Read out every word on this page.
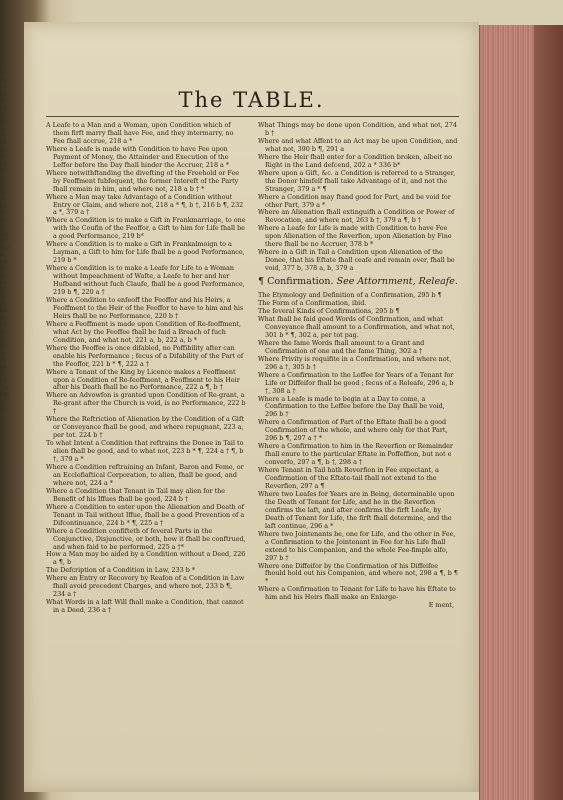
ed
ra-
tc.
by
ce
ith
2
be
tu-
on
ed
In
ant
ds
by
a
rr
fh
ut
Ex
in-
ra
co
ma
fe
of a
ar
tor-
ef-
ha
ea-
ef-
ds
ou
pa-
ge-
ac
or
A
ele
ra
ar-
de
fo
nf
aru
alie
ut
ha
The TABLE.

A Leafe to a Man and a Woman, upon Condition which of them firft marry fhall have Fee, and they intermarry, no Fee fhall accrue, 218 a *

Where a Leafe is made with Condition to have Fee upon Payment of Money, the Attainder and Execution of the Leffor before the Day fhall hinder the Accruer, 218 a *

Where notwithftanding the divefting of the Freehold or Fee by Feoffment fubfequent, the former Intereft of the Party fhall remain in him, and where not, 218 a b † *

Where a Man may take Advantage of a Condition without Entry or Claim, and where not, 218 a * ¶, b †, 216 b ¶, 232 a *, 379 a †

Where a Condition is to make a Gift in Frankmarriage, to one with the Coufin of the Feoffor, a Gift to him for Life fhall be a good Performance, 219 b*

Where a Condition is to make a Gift in Frankalmoign to a Layman, a Gift to him for Life fhall be a good Performance, 219 b *

Where a Condition is to make a Leafe for Life to a Woman without Impeachment of Wafte, a Leafe to her and her Hufband without fuch Claufe, fhall be a good Performance, 219 b ¶, 220 a †

Where a Condition to enfeoff the Feoffor and his Heirs, a Feoffment to the Heir of the Feoffor to have to him and his Heirs fhall be no Performance, 220 b †

Where a Feoffment is made upon Condition of Re-feoffment, what Act by the Feoffee fhall be faid a Breach of fuch Condition, and what not, 221 a, b, 222 a, b *

Where the Feoffee is once difabled, no Poffibility after can enable his Performance ; fecus of a Difability of the Part of the Feoffor, 221 b * ¶, 222 a †

Where a Tenant of the King by Licence makes a Feoffment upon a Condition of Re-feoffment, a Feoffment to his Heir after his Death fhall be no Performance, 222 a ¶, b †

Where an Advowfon is granted upon Condition of Re-grant, a Re-grant after the Church is void, is no Performance, 222 b †

Where the Reftriction of Alienation by the Condition of a Gift or Conveyance fhall be good, and where repugnant, 223 a, per tot. 224 b †

To what Intent a Condition that reftrains the Donee in Tail to alien fhall be good, and to what not, 223 b * ¶, 224 a † ¶, b †, 379 a *

Where a Condition reftraining an Infant, Baron and Feme, or an Ecclefiaftical Corporation, to alien, fhall be good, and where not, 224 a *

Where a Condition that Tenant in Tail may alien for the Benefit of his Iffues fhall be good, 224 b †

Where a Condition to enter upon the Alienation and Death of Tenant in Tail without Iffue, fhall be a good Prevention of a Difcontinuance, 224 b * ¶, 225 a †

Where a Condition confifteth of feveral Parts in the Conjunctive, Disjunctive, or both, how it fhall be conftrued, and when faid to be performed, 225 a †*

How a Man may be aided by a Condition without a Deed, 226 a ¶, b

The Defcription of a Condition in Law, 233 b *

Where an Entry or Recovery by Reafon of a Condition in Law fhall avoid precedent Charges, and where not, 233 b ¶, 234 a †

What Words in a laft Will fhall make a Condition, that cannot in a Deed, 236 a †

What Things may be done upon Condition, and what not, 274 b †

Where and what Affent to an Act may be upon Condition, and what not, 390 b ¶, 291 a

Where the Heir fhall enter for a Condition broken, albeit no Right in the Land defcend, 202 a * 336 b*

Where upon a Gift, &c. a Condition is referred to a Stranger, the Donor himfelf fhall take Advantage of it, and not the Stranger, 379 a * ¶

Where a Condition may ftand good for Part, and be void for other Part, 379 a *

Where an Alienation fhall extinguifh a Condition or Power of Revocation, and where not, 263 b †, 379 a ¶, b †

Where a Leafe for Life is made with Condition to have Fee upon Alienation of the Reverfion, upon Alienation by Fine there fhall be no Accruer, 378 b *

Where in a Gift in Tail a Condition upon Alienation of the Donee, that his Eftate fhall ceafe and remain over, fhall be void, 377 b, 378 a, b, 379 a

¶ Confirmation. See Attornment, Releafe.

The Etymology and Definition of a Confirmation, 295 b ¶

The Form of a Confirmation, ibid.

The feveral Kinds of Confirmations, 295 b ¶

What fhall be faid good Words of Confirmation, and what Conveyance fhall amount to a Confirmation, and what not, 301 b * ¶, 302 a, per tot pag.

Where the fame Words fhall amount to a Grant and Confirmation of one and the fame Thing, 302 a †

Where Privity is requifite in a Confirmation, and where not, 296 a †, 305 b †

Where a Confirmation to the Leffee for Years of a Tenant for Life or Diffeifor fhall be good ; fecus of a Releafe, 296 a, b †, 308 a †

Where a Leafe is made to begin at a Day to come, a Confirmation to the Leffee before the Day fhall be void, 296 b †

Where a Confirmation of Part of the Eftate fhall be a good Confirmation of the whole, and where only for that Part, 296 b ¶, 297 a † *

Where a Confirmation to him in the Reverfion or Remainder fhall enure to the particular Eftate in Poffeffion, but not e converfo, 297 a ¶, b †, 298 a †

Where Tenant in Tail hath Reverfion in Fee expectant, a Confirmation of the Eftate-tail fhall not extend to the Reverfion, 297 a ¶

Where two Leafes for Years are in Being, determinable upon the Death of Tenant for Life, and he in the Reverfion confirms the laft, and after confirms the firft Leafe, by Death of Tenant for Life, the firft fhall determine, and the laft continue, 296 a *

Where two Jointenants be, one for Life, and the other in Fee, a Confirmation to the Jointenant in Fee for his Life fhall extend to his Companion, and the whole Fee-fimple alfo, 297 b †

Where one Diffeifor by the Confirmation of his Diffeifee fhould hold out his Companion, and where not, 298 a ¶, b ¶ *

Where a Confirmation to Tenant for Life to have his Eftate to him and his Heirs fhall make an Enlarge-

E ment,
